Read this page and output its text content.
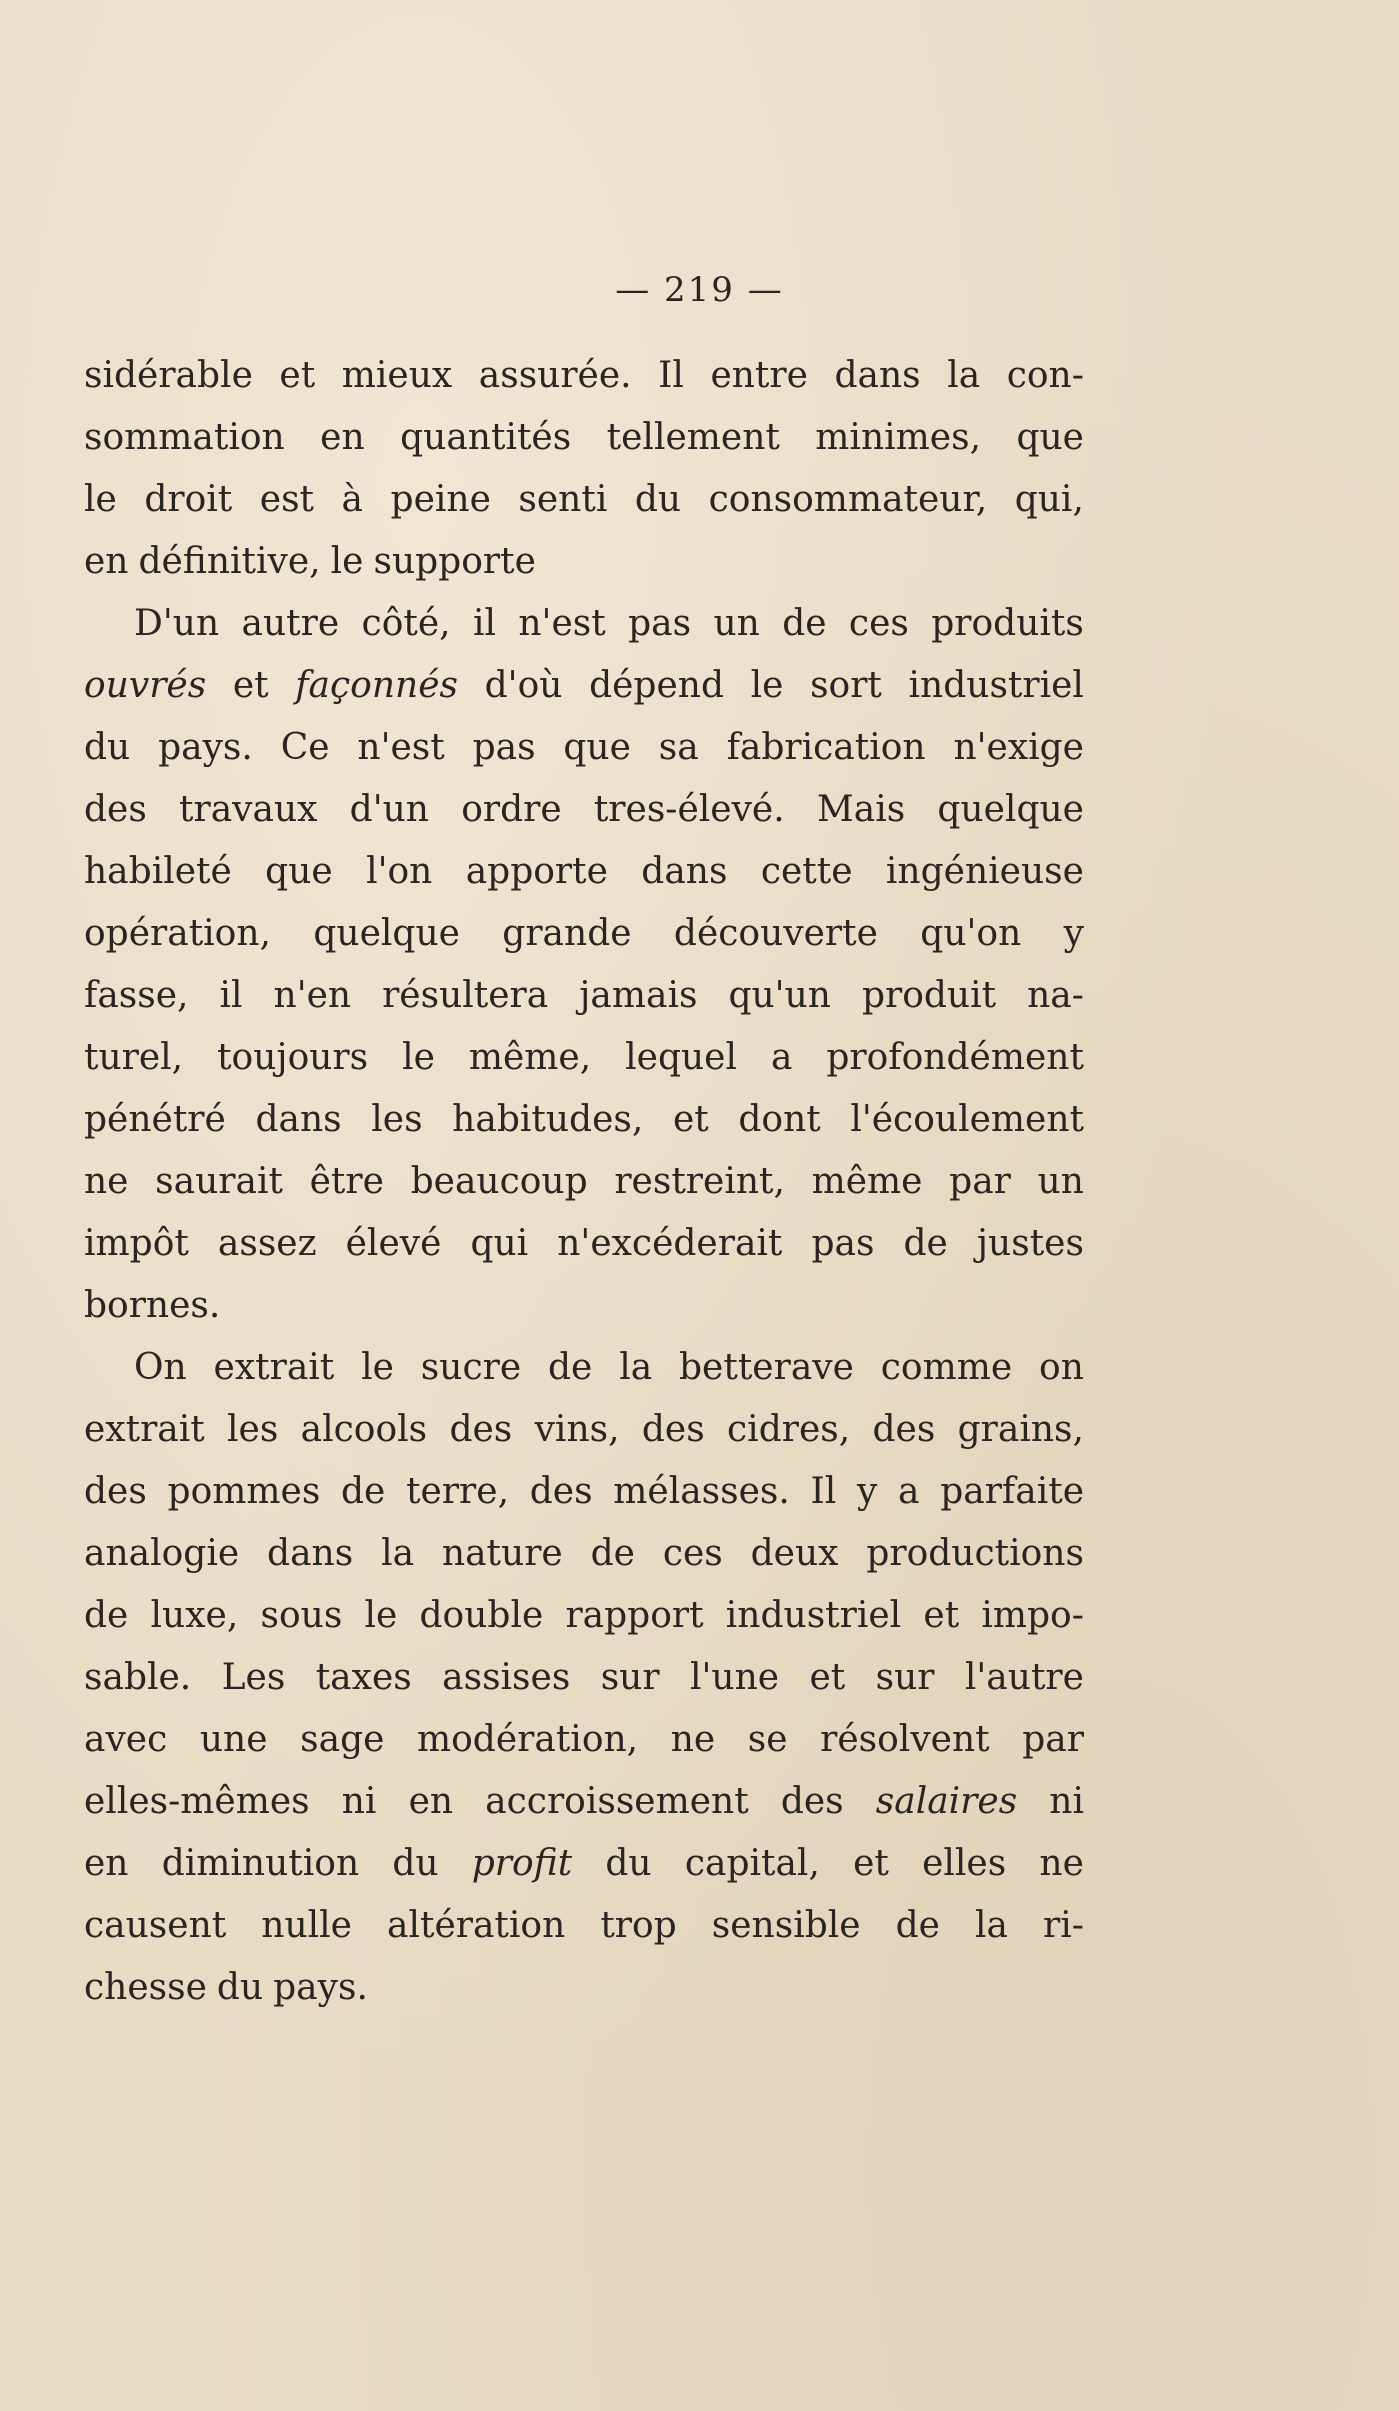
— 219 —
sidérable et mieux assurée. Il entre dans la con-
sommation en quantités tellement minimes, que
le droit est à peine senti du consommateur, qui,
en définitive, le supporte
D'un autre côté, il n'est pas un de ces produits
ouvrés et façonnés d'où dépend le sort industriel
du pays. Ce n'est pas que sa fabrication n'exige
des travaux d'un ordre tres-élevé. Mais quelque
habileté que l'on apporte dans cette ingénieuse
opération, quelque grande découverte qu'on y
fasse, il n'en résultera jamais qu'un produit na-
turel, toujours le même, lequel a profondément
pénétré dans les habitudes, et dont l'écoulement
ne saurait être beaucoup restreint, même par un
impôt assez élevé qui n'excéderait pas de justes
bornes.
On extrait le sucre de la betterave comme on
extrait les alcools des vins, des cidres, des grains,
des pommes de terre, des mélasses. Il y a parfaite
analogie dans la nature de ces deux productions
de luxe, sous le double rapport industriel et impo-
sable. Les taxes assises sur l'une et sur l'autre
avec une sage modération, ne se résolvent par
elles-mêmes ni en accroissement des salaires ni
en diminution du profit du capital, et elles ne
causent nulle altération trop sensible de la ri-
chesse du pays.
